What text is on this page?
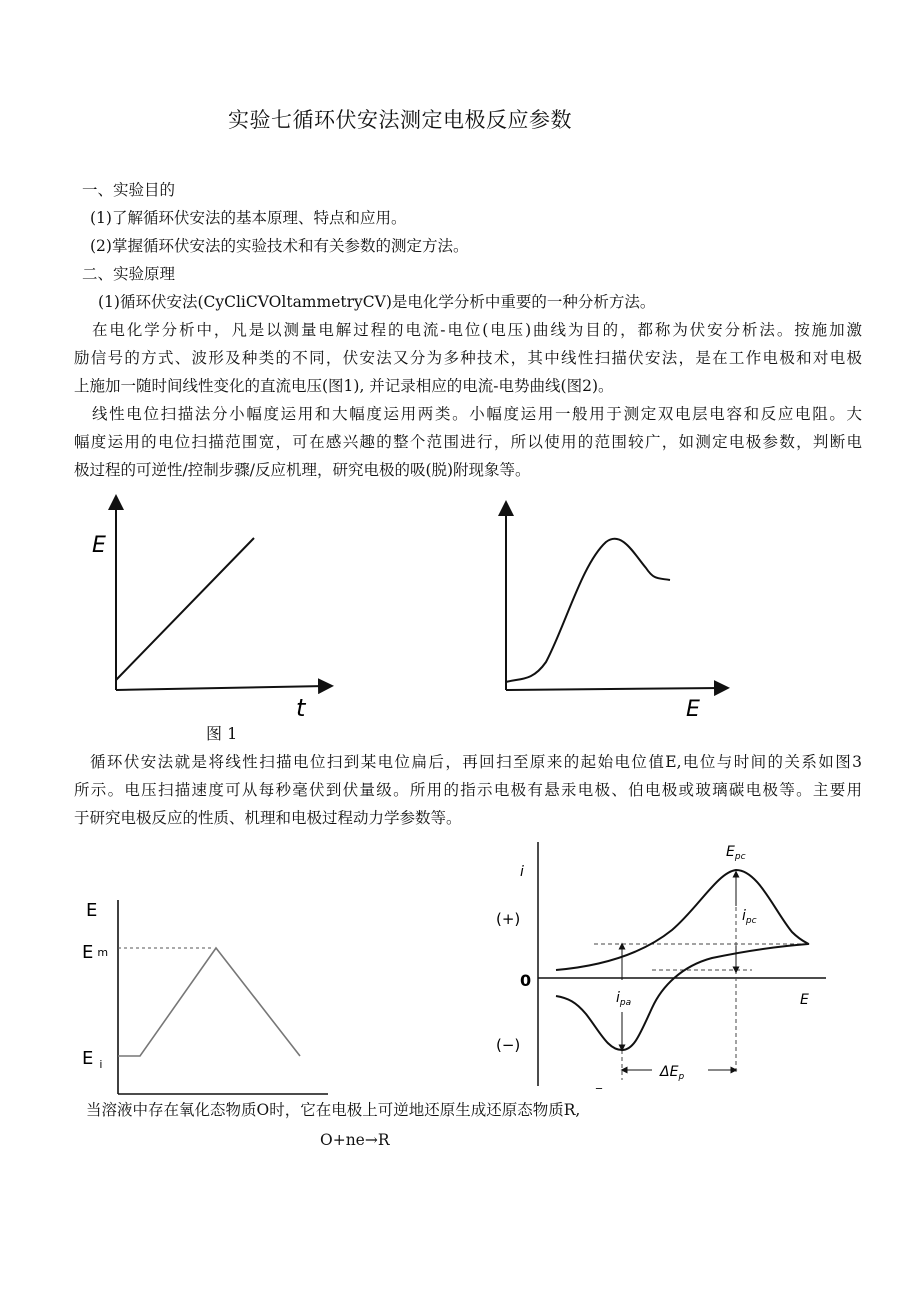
实验七循环伏安法测定电极反应参数
一、实验目的
(1)了解循环伏安法的基本原理、特点和应用。
(2)掌握循环伏安法的实验技术和有关参数的测定方法。
二、实验原理
(1)循环伏安法(CyCliCVOltammetryCV)是电化学分析中重要的一种分析方法。
在电化学分析中，凡是以测量电解过程的电流-电位(电压)曲线为目的，都称为伏安分析法。按施加激
励信号的方式、波形及种类的不同，伏安法又分为多种技术，其中线性扫描伏安法，是在工作电极和对电极
上施加一随时间线性变化的直流电压(图1), 并记录相应的电流-电势曲线(图2)。
线性电位扫描法分小幅度运用和大幅度运用两类。小幅度运用一般用于测定双电层电容和反应电阻。大
幅度运用的电位扫描范围宽，可在感兴趣的整个范围进行，所以使用的范围较广，如测定电极参数，判断电
极过程的可逆性/控制步骤/反应机理，研究电极的吸(脱)附现象等。
E
t	E
图 1
循环伏安法就是将线性扫描电位扫到某电位扁后，再回扫至原来的起始电位值E,电位与时间的关系如图3
所示。电压扫描速度可从每秒毫伏到伏量级。所用的指示电极有悬汞电极、伯电极或玻璃碳电极等。主要用
于研究电极反应的性质、机理和电极过程动力学参数等。
E
Em
E $_i$
i
(+)
0
(−)
E
$E_{pc}$
$i_{pc}$
$i_{pa}$
$\Delta E_p$
_
当溶液中存在氧化态物质O时，它在电极上可逆地还原生成还原态物质R,
O+ne→R
